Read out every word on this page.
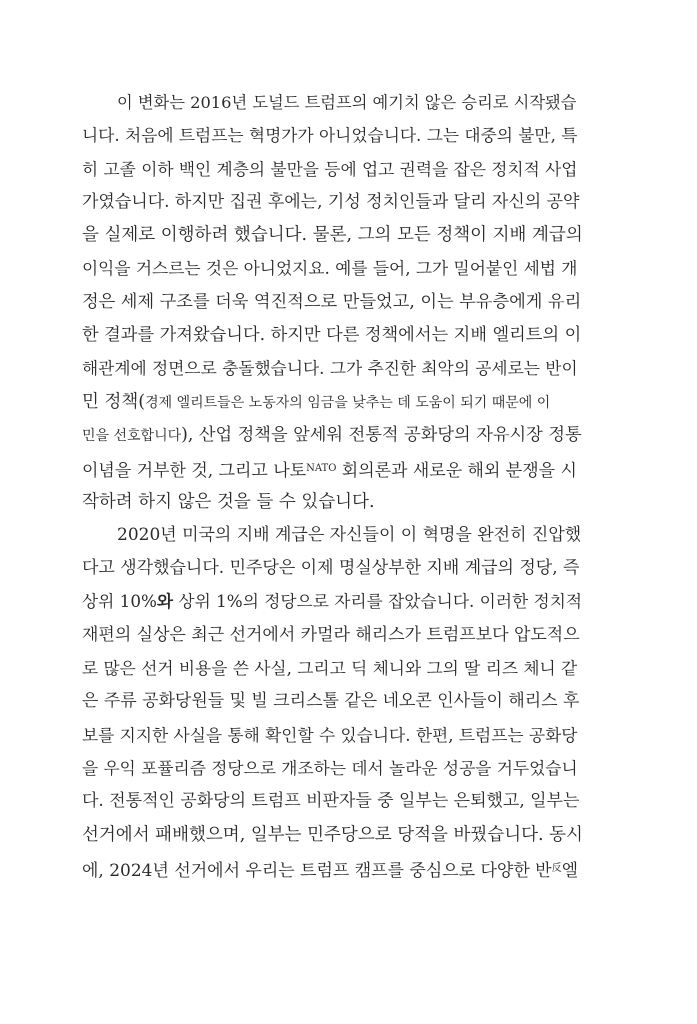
이 변화는 2016년 도널드 트럼프의 예기치 않은 승리로 시작됐습
니다. 처음에 트럼프는 혁명가가 아니었습니다. 그는 대중의 불만, 특
히 고졸 이하 백인 계층의 불만을 등에 업고 권력을 잡은 정치적 사업
가였습니다. 하지만 집권 후에는, 기성 정치인들과 달리 자신의 공약
을 실제로 이행하려 했습니다. 물론, 그의 모든 정책이 지배 계급의
이익을 거스르는 것은 아니었지요. 예를 들어, 그가 밀어붙인 세법 개
정은 세제 구조를 더욱 역진적으로 만들었고, 이는 부유층에게 유리
한 결과를 가져왔습니다. 하지만 다른 정책에서는 지배 엘리트의 이
해관계에 정면으로 충돌했습니다. 그가 추진한 최악의 공세로는 반이
민 정책(경제 엘리트들은 노동자의 임금을 낮추는 데 도움이 되기 때문에 이
민을 선호합니다), 산업 정책을 앞세워 전통적 공화당의 자유시장 정통
이념을 거부한 것, 그리고 나토$^{NATO}$ 회의론과 새로운 해외 분쟁을 시
작하려 하지 않은 것을 들 수 있습니다.
2020년 미국의 지배 계급은 자신들이 이 혁명을 완전히 진압했
다고 생각했습니다. 민주당은 이제 명실상부한 지배 계급의 정당, 즉
상위 10%와 상위 1%의 정당으로 자리를 잡았습니다. 이러한 정치적
재편의 실상은 최근 선거에서 카멀라 해리스가 트럼프보다 압도적으
로 많은 선거 비용을 쓴 사실, 그리고 딕 체니와 그의 딸 리즈 체니 같
은 주류 공화당원들 및 빌 크리스톨 같은 네오콘 인사들이 해리스 후
보를 지지한 사실을 통해 확인할 수 있습니다. 한편, 트럼프는 공화당
을 우익 포퓰리즘 정당으로 개조하는 데서 놀라운 성공을 거두었습니
다. 전통적인 공화당의 트럼프 비판자들 중 일부는 은퇴했고, 일부는
선거에서 패배했으며, 일부는 민주당으로 당적을 바꿨습니다. 동시
에, 2024년 선거에서 우리는 트럼프 캠프를 중심으로 다양한 반$^反$엘
